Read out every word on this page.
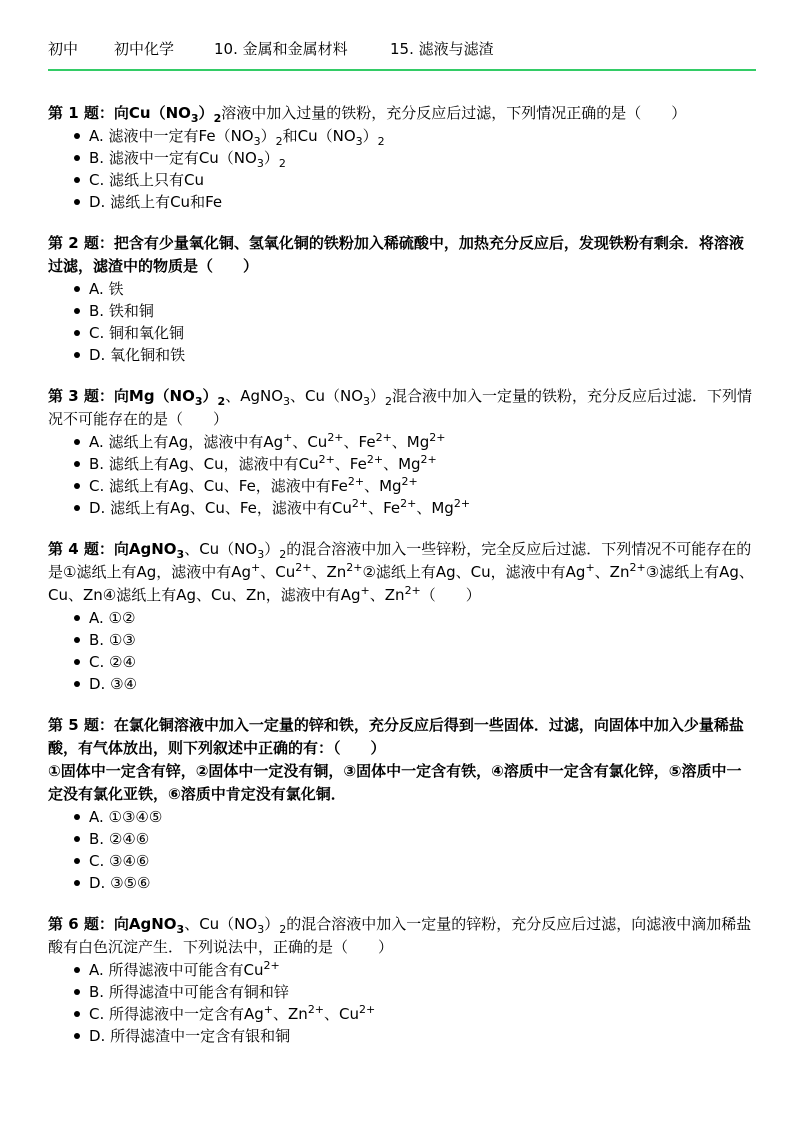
初中 初中化学	10. 金属和金属材料	15. 滤液与滤渣

第 1 题：向$Cu(NO_3)_2$溶液中加入过量的铁粉，充分反应后过滤，下列情况正确的是（　　）

A. 滤液中一定有$Fe(NO_3)_2$和$Cu(NO_3)_2$
B. 滤液中一定有$Cu(NO_3)_2$
C. 滤纸上只有Cu
D. 滤纸上有Cu和Fe

第 2 题：把含有少量氧化铜、氢氧化铜的铁粉加入稀硫酸中，加热充分反应后，发现铁粉有剩余．将溶液过滤，滤渣中的物质是（　　）

A. 铁
B. 铁和铜
C. 铜和氧化铜
D. 氧化铜和铁

第 3 题：向$Mg(NO_3)_2$、AgNO$_3$、$Cu(NO_3)_2$混合液中加入一定量的铁粉，充分反应后过滤．下列情况不可能存在的是（　　）

A. 滤纸上有Ag，滤液中有Ag+、$Cu^{2+}$、$Fe^{2+}$、$Mg^{2+}$
B. 滤纸上有Ag、Cu，滤液中有$Cu^{2+}$、$Fe^{2+}$、$Mg^{2+}$
C. 滤纸上有Ag、Cu、Fe，滤液中有$Fe^{2+}$、$Mg^{2+}$
D. 滤纸上有Ag、Cu、Fe，滤液中有$Cu^{2+}$、$Fe^{2+}$、$Mg^{2+}$

第 4 题：向AgNO$_3$、$Cu(NO_3)_2$的混合溶液中加入一些锌粉，完全反应后过滤．下列情况不可能存在的是①滤纸上有Ag，滤液中有Ag+、$Cu^{2+}$、$Zn^{2+}②$滤纸上有Ag、Cu，滤液中有Ag+、$Zn^{2+}③$滤纸上有Ag、Cu、Zn④滤纸上有Ag、Cu、Zn，滤液中有Ag+、$Zn^{2+}$（　　）

A. ①②
B. ①③
C. ②④
D. ③④

第 5 题：在氯化铜溶液中加入一定量的锌和铁，充分反应后得到一些固体．过滤，向固体中加入少量稀盐酸，有气体放出，则下列叙述中正确的有：（　　）
①固体中一定含有锌，②固体中一定没有铜，③固体中一定含有铁，④溶质中一定含有氯化锌，⑤溶质中一定没有氯化亚铁，⑥溶质中肯定没有氯化铜．

A. ①③④⑤
B. ②④⑥
C. ③④⑥
D. ③⑤⑥

第 6 题：向AgNO$_3$、$Cu(NO_3)_2$的混合溶液中加入一定量的锌粉，充分反应后过滤，向滤液中滴加稀盐酸有白色沉淀产生．下列说法中，正确的是（　　）

A. 所得滤液中可能含有$Cu^{2+}$
B. 所得滤渣中可能含有铜和锌
C. 所得滤液中一定含有Ag+、$Zn^{2+}$、$Cu^{2+}$
D. 所得滤渣中一定含有银和铜
